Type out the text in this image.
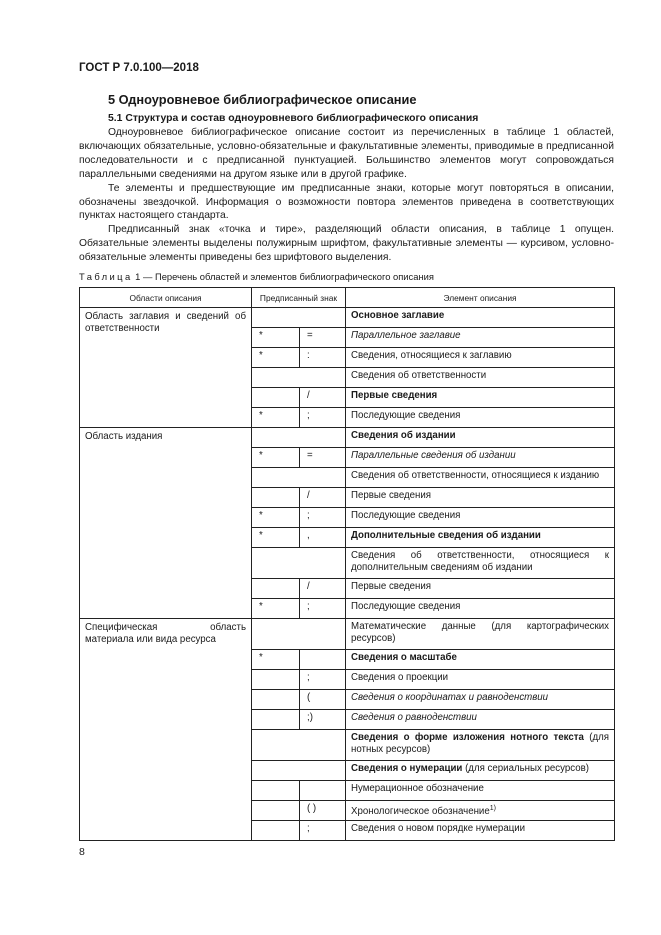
ГОСТ Р 7.0.100—2018
5 Одноуровневое библиографическое описание
5.1 Структура и состав одноуровневого библиографического описания

Одноуровневое библиографическое описание состоит из перечисленных в таблице 1 областей, включающих обязательные, условно-обязательные и факультативные элементы, приводимые в предписанной последовательности и с предписанной пунктуацией. Большинство элементов могут сопровождаться параллельными сведениями на другом языке или в другой графике.

Те элементы и предшествующие им предписанные знаки, которые могут повторяться в описании, обозначены звездочкой. Информация о возможности повтора элементов приведена в соответствующих пунктах настоящего стандарта.

Предписанный знак «точка и тире», разделяющий области описания, в таблице 1 опущен. Обязательные элементы выделены полужирным шрифтом, факультативные элементы — курсивом, условно-обязательные элементы приведены без шрифтового выделения.

Таблица 1 — Перечень областей и элементов библиографического описания
Области описания	Предписанный знак		Элемент описания
Область заглавия и сведений об ответственности			Основное заглавие
	*	=	Параллельное заглавие
	*	:	Сведения, относящиеся к заглавию
			Сведения об ответственности
		/	Первые сведения
	*	;	Последующие сведения
Область издания			Сведения об издании
	*	=	Параллельные сведения об издании
			Сведения об ответственности, относящиеся к изданию
		/	Первые сведения
	*	;	Последующие сведения
	*	,	Дополнительные сведения об издании
			Сведения об ответственности, относящиеся к дополнительным сведениям об издании
		/	Первые сведения
	*	;	Последующие сведения
Специфическая область материала или вида ресурса			Математические данные (для картографических ресурсов)
	*		Сведения о масштабе
		;	Сведения о проекции
		(	Сведения о координатах и равноденствии
		;)	Сведения о равноденствии
			Сведения о форме изложения нотного текста (для нотных ресурсов)
			Сведения о нумерации (для сериальных ресурсов)
			Нумерационное обозначение
		( )	Хронологическое обозначение$^{1)}$
		;	Сведения о новом порядке нумерации
8
